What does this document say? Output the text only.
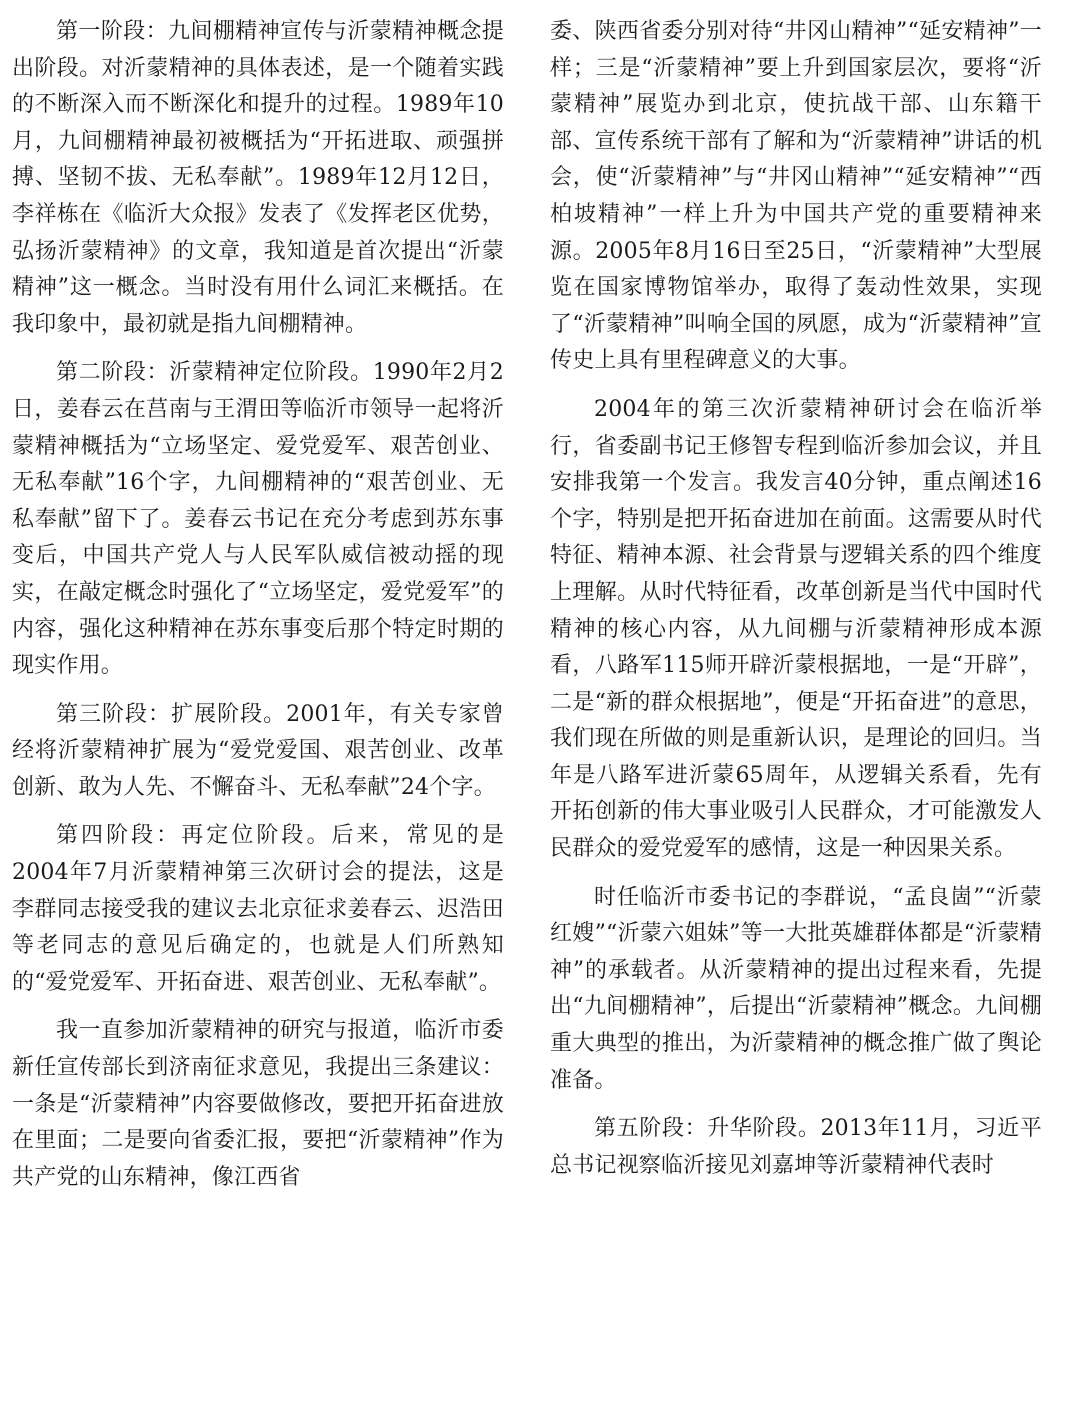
第一阶段：九间棚精神宣传与沂蒙精神概念提出阶段。对沂蒙精神的具体表述，是一个随着实践的不断深入而不断深化和提升的过程。1989年10月，九间棚精神最初被概括为“开拓进取、顽强拼搏、坚韧不拔、无私奉献”。1989年12月12日，李祥栋在《临沂大众报》发表了《发挥老区优势，弘扬沂蒙精神》的文章，我知道是首次提出“沂蒙精神”这一概念。当时没有用什么词汇来概括。在我印象中，最初就是指九间棚精神。

第二阶段：沂蒙精神定位阶段。1990年2月2日，姜春云在莒南与王渭田等临沂市领导一起将沂蒙精神概括为“立场坚定、爱党爱军、艰苦创业、无私奉献”16个字，九间棚精神的“艰苦创业、无私奉献”留下了。姜春云书记在充分考虑到苏东事变后，中国共产党人与人民军队威信被动摇的现实，在敲定概念时强化了“立场坚定，爱党爱军”的内容，强化这种精神在苏东事变后那个特定时期的现实作用。

第三阶段：扩展阶段。2001年，有关专家曾经将沂蒙精神扩展为“爱党爱国、艰苦创业、改革创新、敢为人先、不懈奋斗、无私奉献”24个字。

第四阶段：再定位阶段。后来，常见的是2004年7月沂蒙精神第三次研讨会的提法，这是李群同志接受我的建议去北京征求姜春云、迟浩田等老同志的意见后确定的，也就是人们所熟知的“爱党爱军、开拓奋进、艰苦创业、无私奉献”。

我一直参加沂蒙精神的研究与报道，临沂市委新任宣传部长到济南征求意见，我提出三条建议：一条是“沂蒙精神”内容要做修改，要把开拓奋进放在里面；二是要向省委汇报，要把“沂蒙精神”作为共产党的山东精神，像江西省

委、陕西省委分别对待“井冈山精神”“延安精神”一样；三是“沂蒙精神”要上升到国家层次，要将“沂蒙精神”展览办到北京，使抗战干部、山东籍干部、宣传系统干部有了解和为“沂蒙精神”讲话的机会，使“沂蒙精神”与“井冈山精神”“延安精神”“西柏坡精神”一样上升为中国共产党的重要精神来源。2005年8月16日至25日，“沂蒙精神”大型展览在国家博物馆举办，取得了轰动性效果，实现了“沂蒙精神”叫响全国的夙愿，成为“沂蒙精神”宣传史上具有里程碑意义的大事。

2004年的第三次沂蒙精神研讨会在临沂举行，省委副书记王修智专程到临沂参加会议，并且安排我第一个发言。我发言40分钟，重点阐述16个字，特别是把开拓奋进加在前面。这需要从时代特征、精神本源、社会背景与逻辑关系的四个维度上理解。从时代特征看，改革创新是当代中国时代精神的核心内容，从九间棚与沂蒙精神形成本源看，八路军115师开辟沂蒙根据地，一是“开辟”，二是“新的群众根据地”，便是“开拓奋进”的意思，我们现在所做的则是重新认识，是理论的回归。当年是八路军进沂蒙65周年，从逻辑关系看，先有开拓创新的伟大事业吸引人民群众，才可能激发人民群众的爱党爱军的感情，这是一种因果关系。

时任临沂市委书记的李群说，“孟良崮”“沂蒙红嫂”“沂蒙六姐妹”等一大批英雄群体都是“沂蒙精神”的承载者。从沂蒙精神的提出过程来看，先提出“九间棚精神”，后提出“沂蒙精神”概念。九间棚重大典型的推出，为沂蒙精神的概念推广做了舆论准备。

第五阶段：升华阶段。2013年11月，习近平总书记视察临沂接见刘嘉坤等沂蒙精神代表时
